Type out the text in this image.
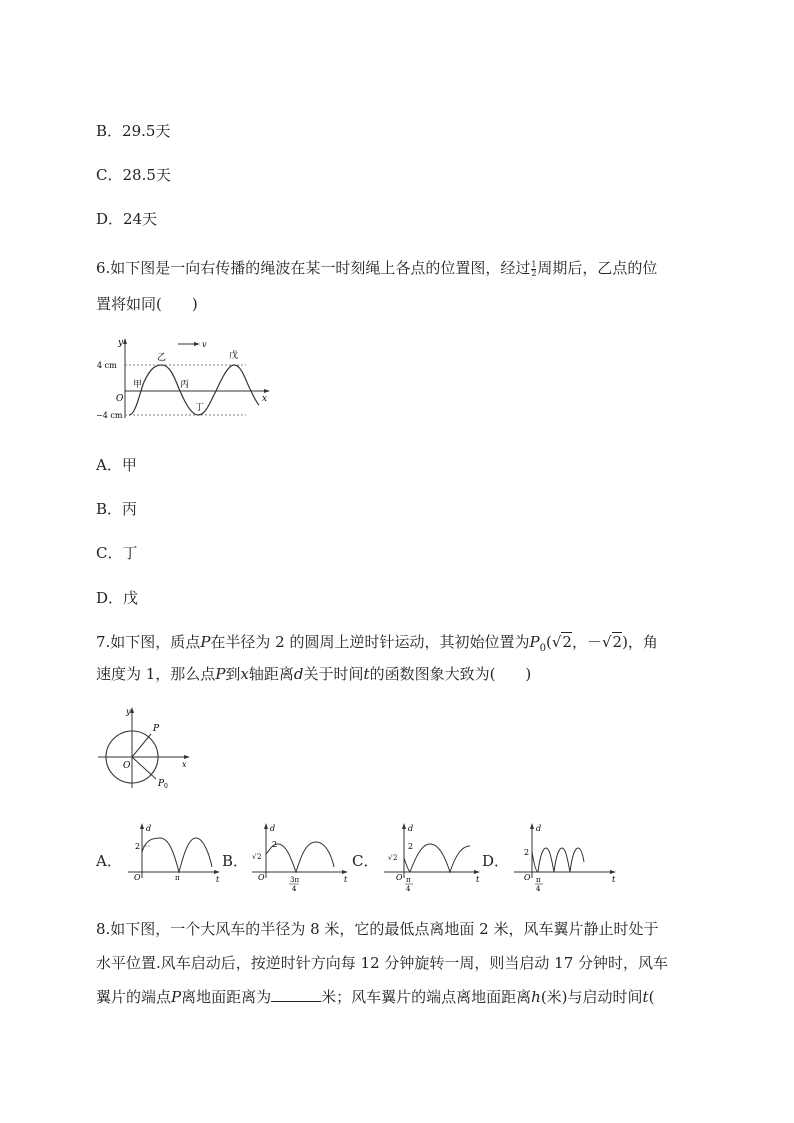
B．29.5天
C．28.5天
D．24天
6.如下图是一向右传播的绳波在某一时刻绳上各点的位置图，经过 $\frac{1}{2}$ 周期后，乙点的位
置将如同(　　)
y
x
O
4 cm
−4 cm
v
甲
乙
丙
丁
戊
A．甲
B．丙
C．丁
D．戊
7.如下图，质点P在半径为 2 的圆周上逆时针运动，其初始位置为$P_0(√2$，－√2)，角
速度为 1，那么点P到x轴距离d关于时间t的函数图象大致为(　　)
y
x
O
P
P 0
A．
d
t
O
2
π
B．
d
t
O
2
√ 2
3π
4
C．
d
t
O
2
√ 2
π
4
D．
d
t
O
2
π
4
8.如下图，一个大风车的半径为 8 米，它的最低点离地面 2 米，风车翼片静止时处于
水平位置.风车启动后，按逆时针方向每 12 分钟旋转一周，则当启动 17 分钟时，风车
翼片的端点P离地面距离为	米；风车翼片的端点离地面距离h(米)与启动时间t(
